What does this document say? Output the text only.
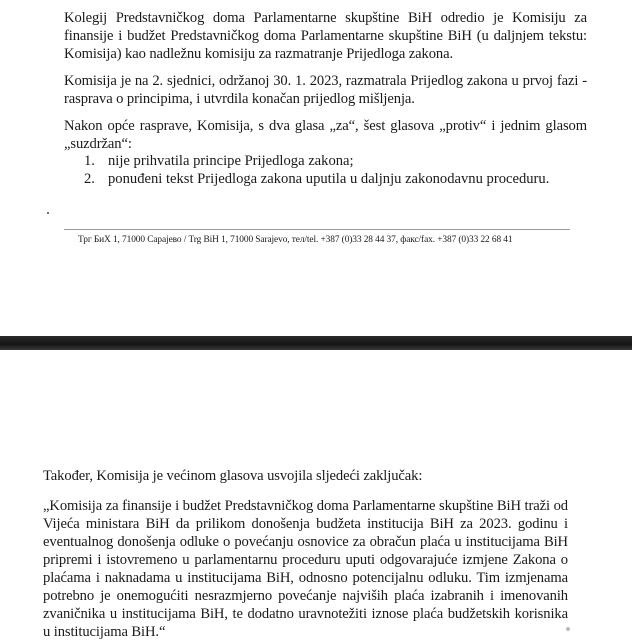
Kolegij Predstavničkog doma Parlamentarne skupštine BiH odredio je Komisiju za finansije i budžet Predstavničkog doma Parlamentarne skupštine BiH (u daljnjem tekstu: Komisija) kao nadležnu komisiju za razmatranje Prijedloga zakona.

Komisija je na 2. sjednici, održanoj 30. 1. 2023, razmatrala Prijedlog zakona u prvoj fazi - rasprava o principima, i utvrdila konačan prijedlog mišljenja.

Nakon opće rasprave, Komisija, s dva glasa „za“, šest glasova „protiv“ i jednim glasom „suzdržan“:

1. nije prihvatila principe Prijedloga zakona;
2. ponuđeni tekst Prijedloga zakona uputila u daljnju zakonodavnu proceduru.
Трг БиХ 1, 71000 Сарајево / Trg BiH 1, 71000 Sarajevo, тел/tel. +387 (0)33 28 44 37, факс/fax. +387 (0)33 22 68 41

Također, Komisija je većinom glasova usvojila sljedeći zaključak:

„Komisija za finansije i budžet Predstavničkog doma Parlamentarne skupštine BiH traži od Vijeća ministara BiH da prilikom donošenja budžeta institucija BiH za 2023. godinu i eventualnog donošenja odluke o povećanju osnovice za obračun plaća u institucijama BiH pripremi i istovremeno u parlamentarnu proceduru uputi odgovarajuće izmjene Zakona o plaćama i naknadama u institucijama BiH, odnosno potencijalnu odluku. Tim izmjenama potrebno je onemogućiti nesrazmjerno povećanje najviših plaća izabranih i imenovanih zvaničnika u institucijama BiH, te dodatno uravnotežiti iznose plaća budžetskih korisnika u institucijama BiH.“
